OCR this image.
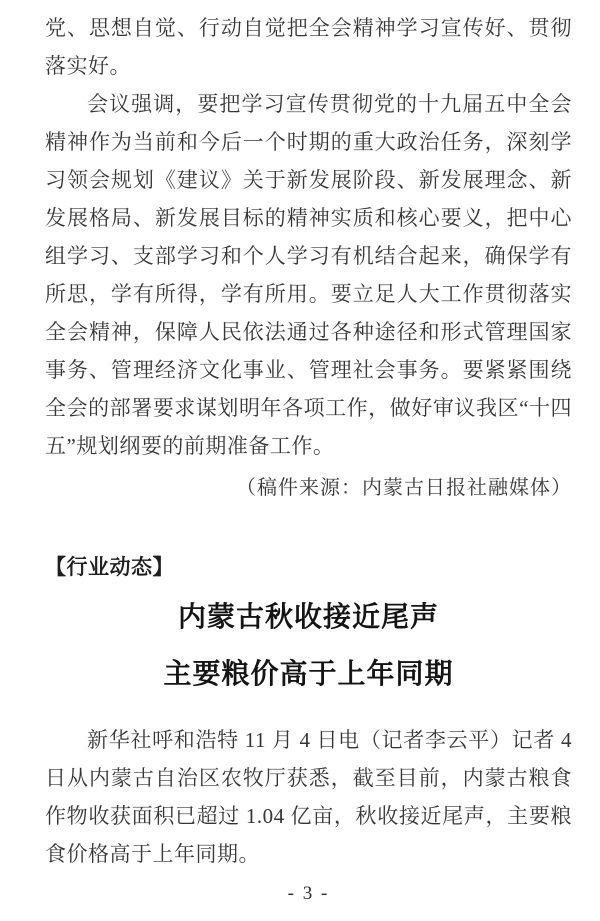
党、思想自觉、行动自觉把全会精神学习宣传好、贯彻落实好。

会议强调，要把学习宣传贯彻党的十九届五中全会精神作为当前和今后一个时期的重大政治任务，深刻学习领会规划《建议》关于新发展阶段、新发展理念、新发展格局、新发展目标的精神实质和核心要义，把中心组学习、支部学习和个人学习有机结合起来，确保学有所思，学有所得，学有所用。要立足人大工作贯彻落实全会精神，保障人民依法通过各种途径和形式管理国家事务、管理经济文化事业、管理社会事务。要紧紧围绕全会的部署要求谋划明年各项工作，做好审议我区“十四五”规划纲要的前期准备工作。

（稿件来源：内蒙古日报社融媒体）

【行业动态】
内蒙古秋收接近尾声
主要粮价高于上年同期

新华社呼和浩特 11 月 4 日电（记者李云平）记者 4 日从内蒙古自治区农牧厅获悉，截至目前，内蒙古粮食作物收获面积已超过 1.04 亿亩，秋收接近尾声，主要粮食价格高于上年同期。

- 3 -
